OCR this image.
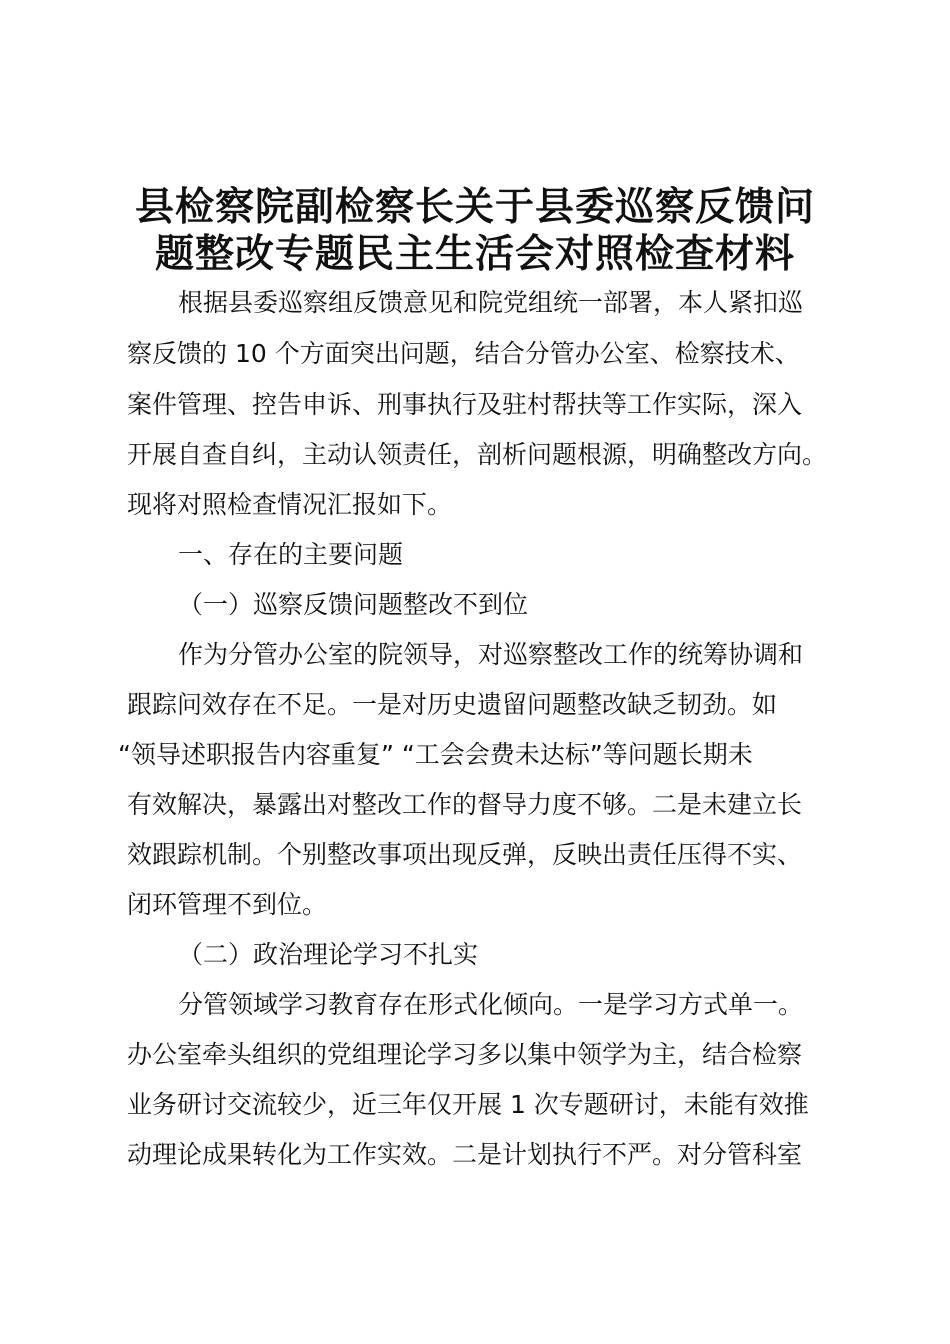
县检察院副检察长关于县委巡察反馈问
题整改专题民主生活会对照检查材料
根据县委巡察组反馈意见和院党组统一部署，本人紧扣巡
察反馈的 10 个方面突出问题，结合分管办公室、检察技术、
案件管理、控告申诉、刑事执行及驻村帮扶等工作实际，深入
开展自查自纠，主动认领责任，剖析问题根源，明确整改方向。
现将对照检查情况汇报如下。
一、存在的主要问题
（一）巡察反馈问题整改不到位
作为分管办公室的院领导，对巡察整改工作的统筹协调和
跟踪问效存在不足。一是对历史遗留问题整改缺乏韧劲。如
“领导述职报告内容重复” “工会会费未达标”等问题长期未
有效解决，暴露出对整改工作的督导力度不够。二是未建立长
效跟踪机制。个别整改事项出现反弹，反映出责任压得不实、
闭环管理不到位。
（二）政治理论学习不扎实
分管领域学习教育存在形式化倾向。一是学习方式单一。
办公室牵头组织的党组理论学习多以集中领学为主，结合检察
业务研讨交流较少，近三年仅开展 1 次专题研讨，未能有效推
动理论成果转化为工作实效。二是计划执行不严。对分管科室
